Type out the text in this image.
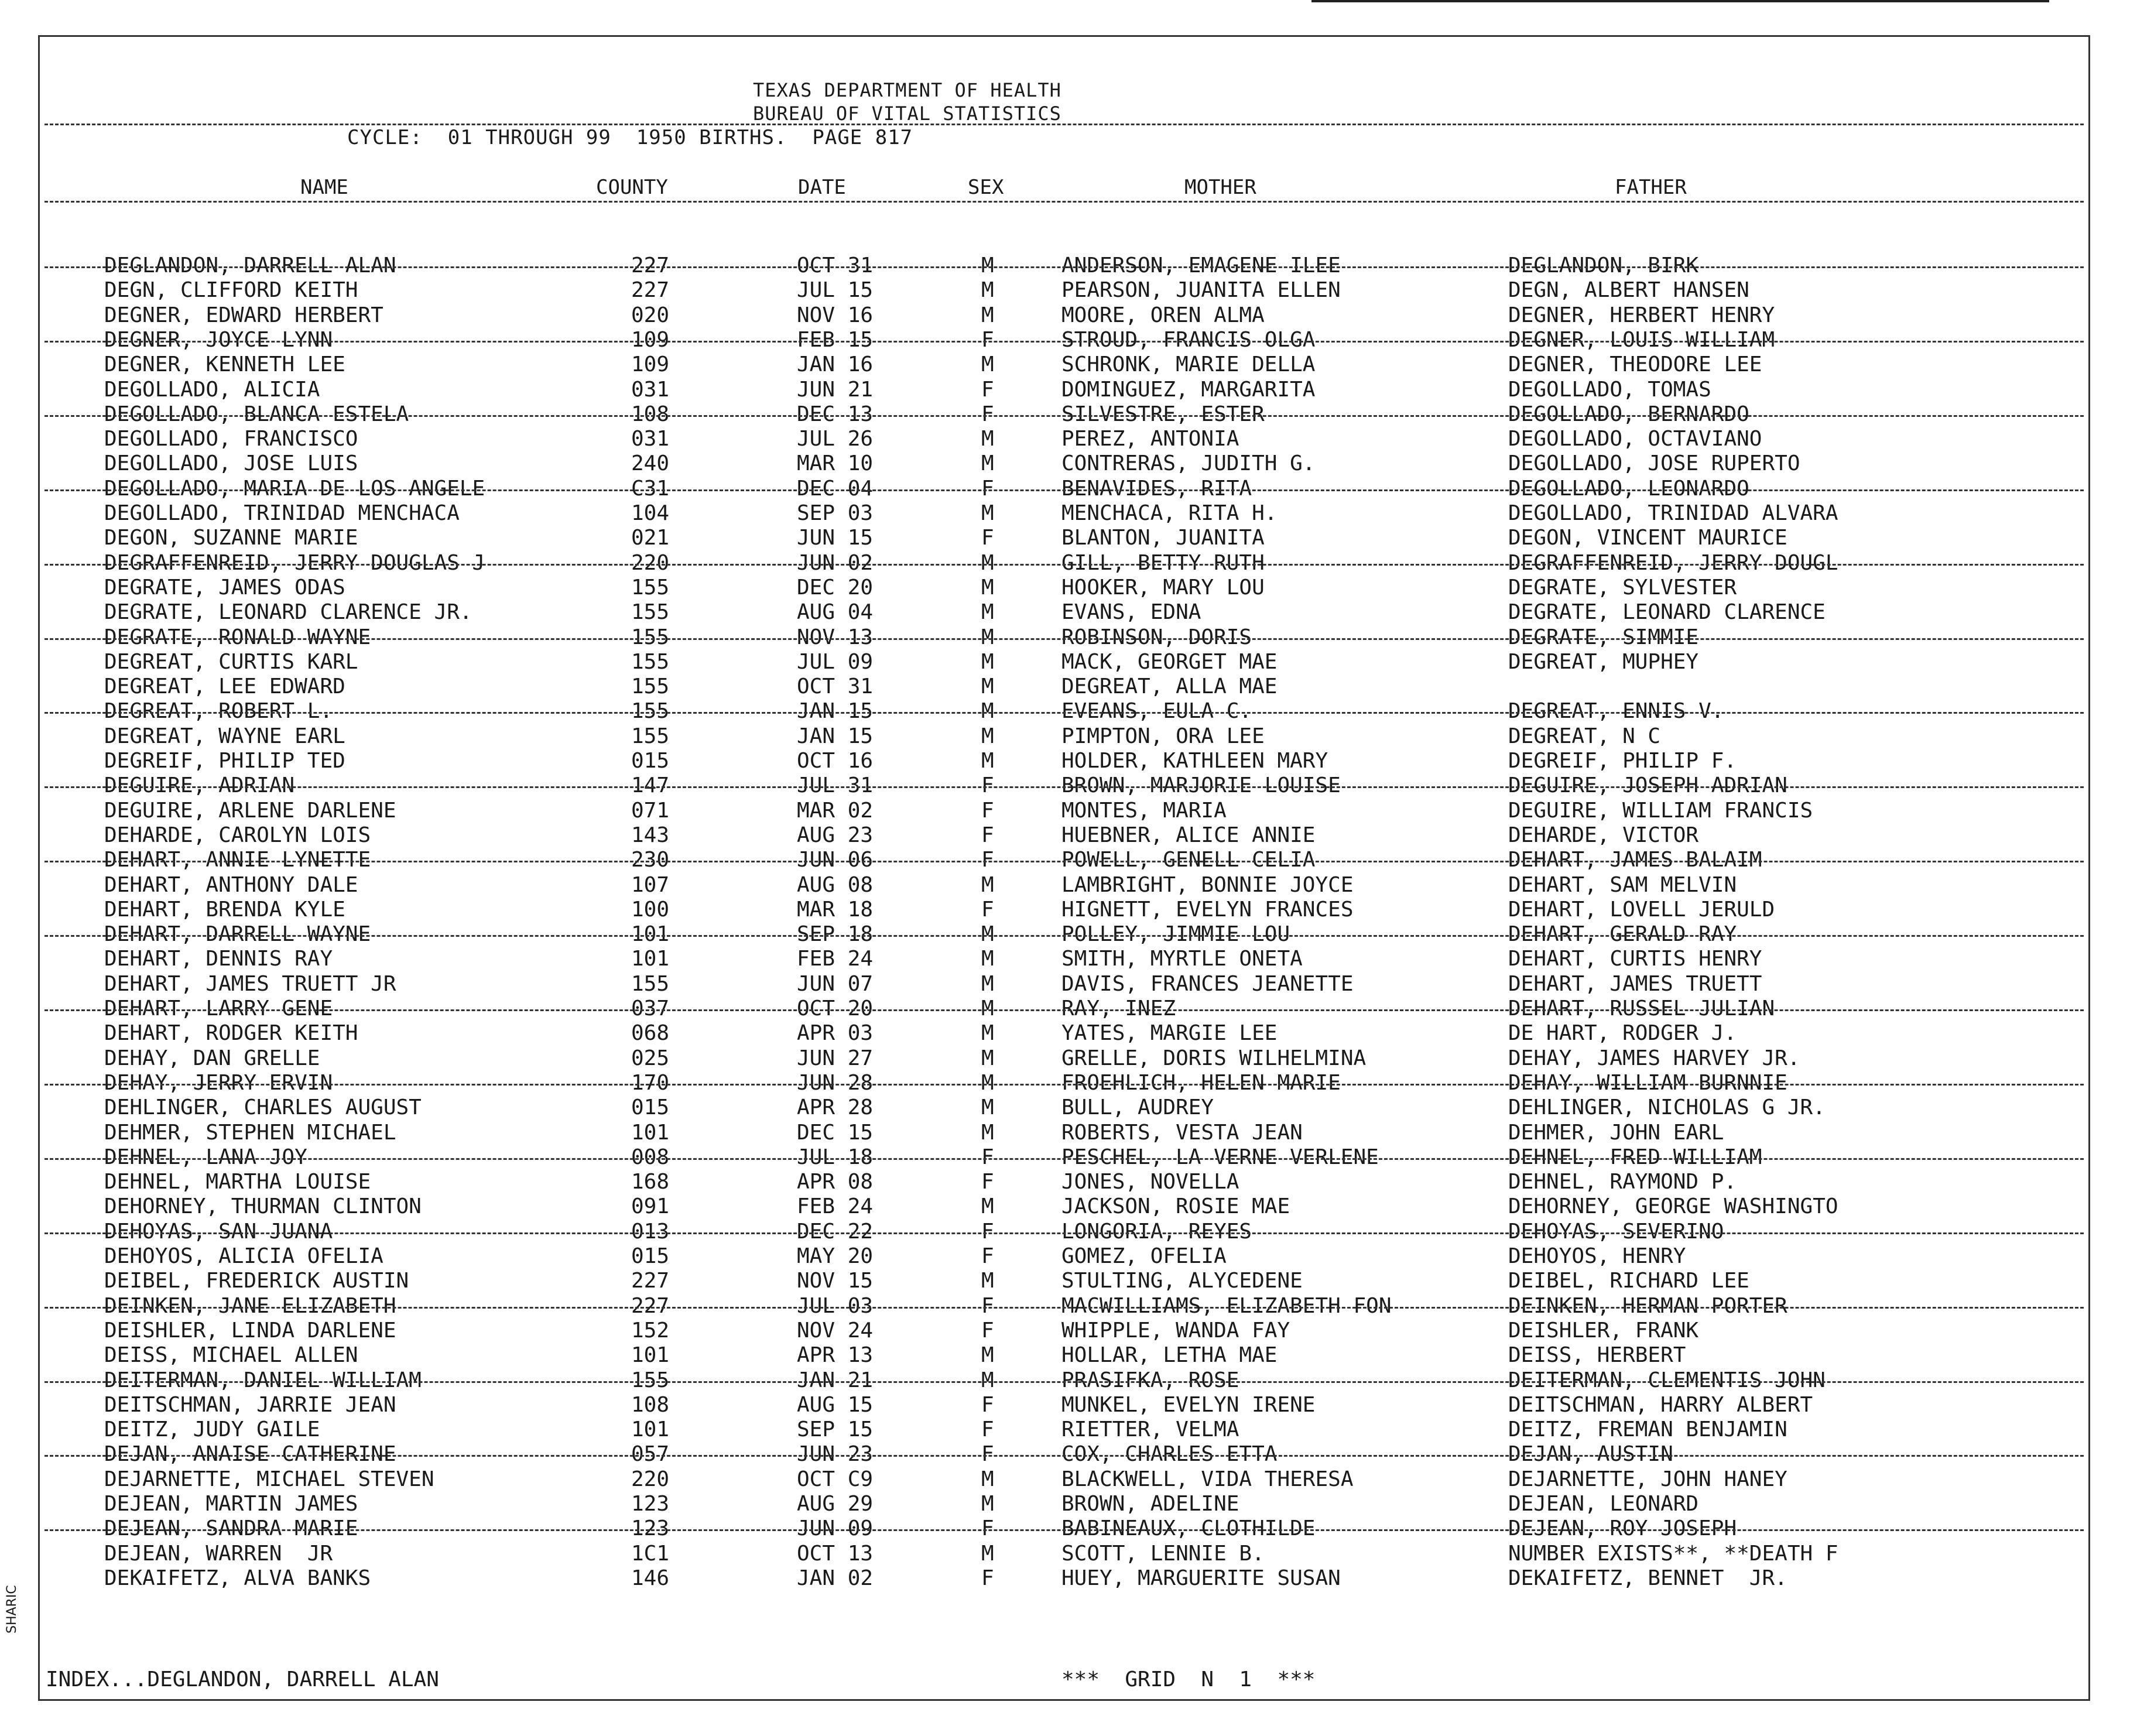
SHARIC
TEXAS DEPARTMENT OF HEALTH
BUREAU OF VITAL STATISTICS
CYCLE:  01 THROUGH 99  1950 BIRTHS.  PAGE 817
NAME	COUNTY	DATE	SEX	MOTHER	FATHER
DEGLANDON, DARRELL ALAN	227	OCT 31	M	ANDERSON, EMAGENE ILEE	DEGLANDON, BIRK
DEGN, CLIFFORD KEITH	227	JUL 15	M	PEARSON, JUANITA ELLEN	DEGN, ALBERT HANSEN
DEGNER, EDWARD HERBERT	020	NOV 16	M	MOORE, OREN ALMA	DEGNER, HERBERT HENRY
DEGNER, JOYCE LYNN	109	FEB 15	F	STROUD, FRANCIS OLGA	DEGNER, LOUIS WILLIAM
DEGNER, KENNETH LEE	109	JAN 16	M	SCHRONK, MARIE DELLA	DEGNER, THEODORE LEE
DEGOLLADO, ALICIA	031	JUN 21	F	DOMINGUEZ, MARGARITA	DEGOLLADO, TOMAS
DEGOLLADO, BLANCA ESTELA	108	DEC 13	F	SILVESTRE, ESTER	DEGOLLADO, BERNARDO
DEGOLLADO, FRANCISCO	031	JUL 26	M	PEREZ, ANTONIA	DEGOLLADO, OCTAVIANO
DEGOLLADO, JOSE LUIS	240	MAR 10	M	CONTRERAS, JUDITH G.	DEGOLLADO, JOSE RUPERTO
DEGOLLADO, MARIA DE LOS ANGELE	C31	DEC 04	F	BENAVIDES, RITA	DEGOLLADO, LEONARDO
DEGOLLADO, TRINIDAD MENCHACA	104	SEP 03	M	MENCHACA, RITA H.	DEGOLLADO, TRINIDAD ALVARA
DEGON, SUZANNE MARIE	021	JUN 15	F	BLANTON, JUANITA	DEGON, VINCENT MAURICE
DEGRAFFENREID, JERRY DOUGLAS J	220	JUN 02	M	GILL, BETTY RUTH	DEGRAFFENREID, JERRY DOUGL
DEGRATE, JAMES ODAS	155	DEC 20	M	HOOKER, MARY LOU	DEGRATE, SYLVESTER
DEGRATE, LEONARD CLARENCE JR.	155	AUG 04	M	EVANS, EDNA	DEGRATE, LEONARD CLARENCE
DEGRATE, RONALD WAYNE	155	NOV 13	M	ROBINSON, DORIS	DEGRATE, SIMMIE
DEGREAT, CURTIS KARL	155	JUL 09	M	MACK, GEORGET MAE	DEGREAT, MUPHEY
DEGREAT, LEE EDWARD	155	OCT 31	M	DEGREAT, ALLA MAE
DEGREAT, ROBERT L.	155	JAN 15	M	EVEANS, EULA C.	DEGREAT, ENNIS V.
DEGREAT, WAYNE EARL	155	JAN 15	M	PIMPTON, ORA LEE	DEGREAT, N C
DEGREIF, PHILIP TED	015	OCT 16	M	HOLDER, KATHLEEN MARY	DEGREIF, PHILIP F.
DEGUIRE, ADRIAN	147	JUL 31	F	BROWN, MARJORIE LOUISE	DEGUIRE, JOSEPH ADRIAN
DEGUIRE, ARLENE DARLENE	071	MAR 02	F	MONTES, MARIA	DEGUIRE, WILLIAM FRANCIS
DEHARDE, CAROLYN LOIS	143	AUG 23	F	HUEBNER, ALICE ANNIE	DEHARDE, VICTOR
DEHART, ANNIE LYNETTE	230	JUN 06	F	POWELL, GENELL CELIA	DEHART, JAMES BALAIM
DEHART, ANTHONY DALE	107	AUG 08	M	LAMBRIGHT, BONNIE JOYCE	DEHART, SAM MELVIN
DEHART, BRENDA KYLE	100	MAR 18	F	HIGNETT, EVELYN FRANCES	DEHART, LOVELL JERULD
DEHART, DARRELL WAYNE	101	SEP 18	M	POLLEY, JIMMIE LOU	DEHART, GERALD RAY
DEHART, DENNIS RAY	101	FEB 24	M	SMITH, MYRTLE ONETA	DEHART, CURTIS HENRY
DEHART, JAMES TRUETT JR	155	JUN 07	M	DAVIS, FRANCES JEANETTE	DEHART, JAMES TRUETT
DEHART, LARRY GENE	037	OCT 20	M	RAY, INEZ	DEHART, RUSSEL JULIAN
DEHART, RODGER KEITH	068	APR 03	M	YATES, MARGIE LEE	DE HART, RODGER J.
DEHAY, DAN GRELLE	025	JUN 27	M	GRELLE, DORIS WILHELMINA	DEHAY, JAMES HARVEY JR.
DEHAY, JERRY ERVIN	170	JUN 28	M	FROEHLICH, HELEN MARIE	DEHAY, WILLIAM BURNNIE
DEHLINGER, CHARLES AUGUST	015	APR 28	M	BULL, AUDREY	DEHLINGER, NICHOLAS G JR.
DEHMER, STEPHEN MICHAEL	101	DEC 15	M	ROBERTS, VESTA JEAN	DEHMER, JOHN EARL
DEHNEL, LANA JOY	008	JUL 18	F	PESCHEL, LA VERNE VERLENE	DEHNEL, FRED WILLIAM
DEHNEL, MARTHA LOUISE	168	APR 08	F	JONES, NOVELLA	DEHNEL, RAYMOND P.
DEHORNEY, THURMAN CLINTON	091	FEB 24	M	JACKSON, ROSIE MAE	DEHORNEY, GEORGE WASHINGTO
DEHOYAS, SAN JUANA	013	DEC 22	F	LONGORIA, REYES	DEHOYAS, SEVERINO
DEHOYOS, ALICIA OFELIA	015	MAY 20	F	GOMEZ, OFELIA	DEHOYOS, HENRY
DEIBEL, FREDERICK AUSTIN	227	NOV 15	M	STULTING, ALYCEDENE	DEIBEL, RICHARD LEE
DEINKEN, JANE ELIZABETH	227	JUL 03	F	MACWILLIAMS, ELIZABETH FON	DEINKEN, HERMAN PORTER
DEISHLER, LINDA DARLENE	152	NOV 24	F	WHIPPLE, WANDA FAY	DEISHLER, FRANK
DEISS, MICHAEL ALLEN	101	APR 13	M	HOLLAR, LETHA MAE	DEISS, HERBERT
DEITERMAN, DANIEL WILLIAM	155	JAN 21	M	PRASIFKA, ROSE	DEITERMAN, CLEMENTIS JOHN
DEITSCHMAN, JARRIE JEAN	108	AUG 15	F	MUNKEL, EVELYN IRENE	DEITSCHMAN, HARRY ALBERT
DEITZ, JUDY GAILE	101	SEP 15	F	RIETTER, VELMA	DEITZ, FREMAN BENJAMIN
DEJAN, ANAISE CATHERINE	057	JUN 23	F	COX, CHARLES ETTA	DEJAN, AUSTIN
DEJARNETTE, MICHAEL STEVEN	220	OCT C9	M	BLACKWELL, VIDA THERESA	DEJARNETTE, JOHN HANEY
DEJEAN, MARTIN JAMES	123	AUG 29	M	BROWN, ADELINE	DEJEAN, LEONARD
DEJEAN, SANDRA MARIE	123	JUN 09	F	BABINEAUX, CLOTHILDE	DEJEAN, ROY JOSEPH
DEJEAN, WARREN  JR	1C1	OCT 13	M	SCOTT, LENNIE B.	NUMBER EXISTS**, **DEATH F
DEKAIFETZ, ALVA BANKS	146	JAN 02	F	HUEY, MARGUERITE SUSAN	DEKAIFETZ, BENNET  JR.
INDEX...DEGLANDON, DARRELL ALAN	***  GRID  N  1  ***
